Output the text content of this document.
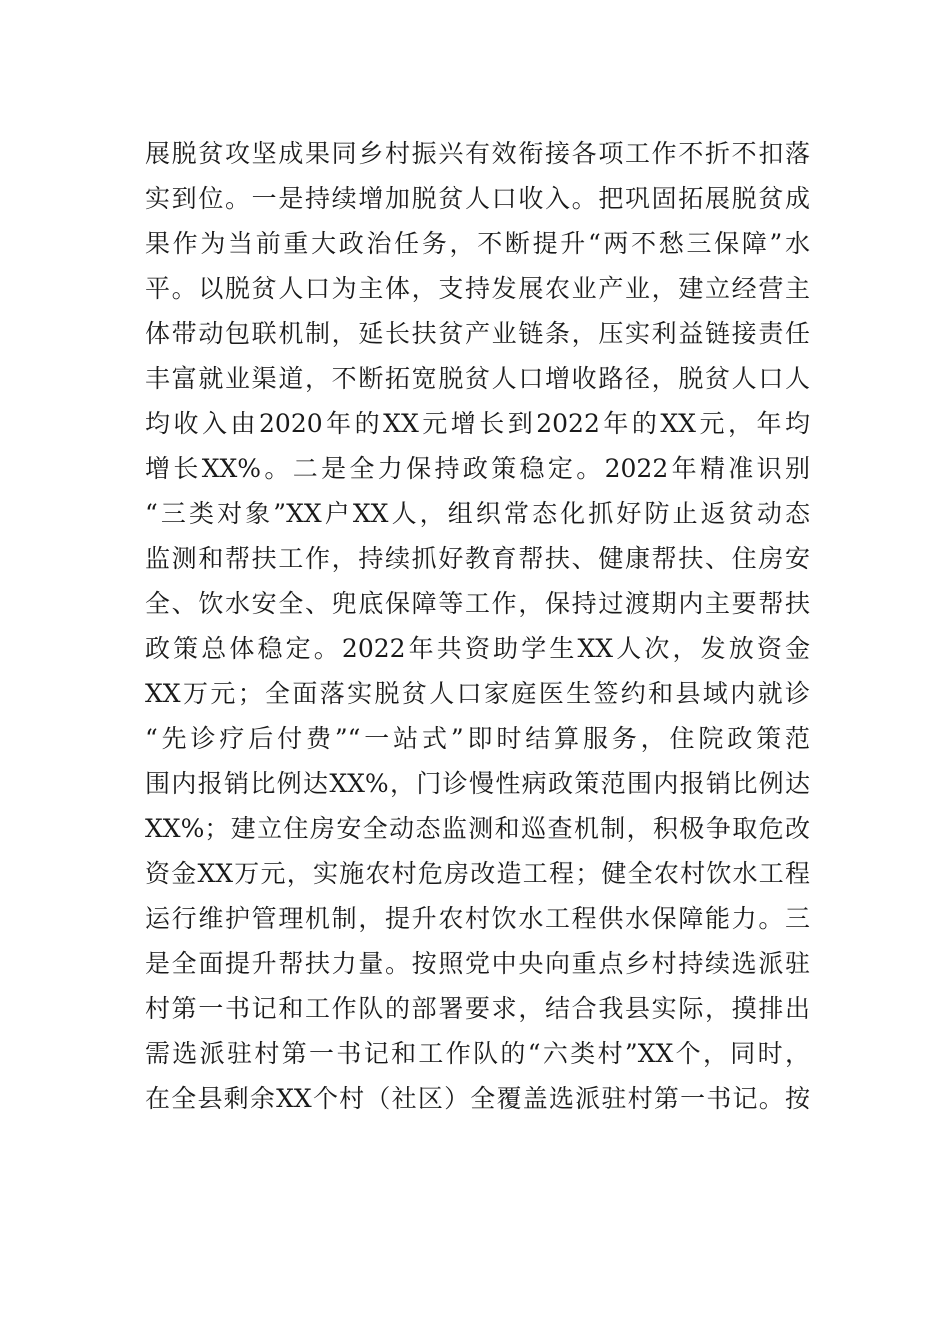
展脱贫攻坚成果同乡村振兴有效衔接各项工作不折不扣落
实到位。一是持续增加脱贫人口收入。把巩固拓展脱贫成
果作为当前重大政治任务，不断提升“两不愁三保障”水
平。以脱贫人口为主体，支持发展农业产业，建立经营主
体带动包联机制，延长扶贫产业链条，压实利益链接责任
丰富就业渠道，不断拓宽脱贫人口增收路径，脱贫人口人
均收入由2020年的XX元增长到2022年的XX元，年均
增长XX%。二是全力保持政策稳定。2022年精准识别
“三类对象”XX户XX人，组织常态化抓好防止返贫动态
监测和帮扶工作，持续抓好教育帮扶、健康帮扶、住房安
全、饮水安全、兜底保障等工作，保持过渡期内主要帮扶
政策总体稳定。2022年共资助学生XX人次，发放资金
XX万元；全面落实脱贫人口家庭医生签约和县域内就诊
“先诊疗后付费”“一站式”即时结算服务，住院政策范
围内报销比例达XX%，门诊慢性病政策范围内报销比例达
XX%；建立住房安全动态监测和巡查机制，积极争取危改
资金XX万元，实施农村危房改造工程；健全农村饮水工程
运行维护管理机制，提升农村饮水工程供水保障能力。三
是全面提升帮扶力量。按照党中央向重点乡村持续选派驻
村第一书记和工作队的部署要求，结合我县实际，摸排出
需选派驻村第一书记和工作队的“六类村”XX个，同时，
在全县剩余XX个村（社区）全覆盖选派驻村第一书记。按
